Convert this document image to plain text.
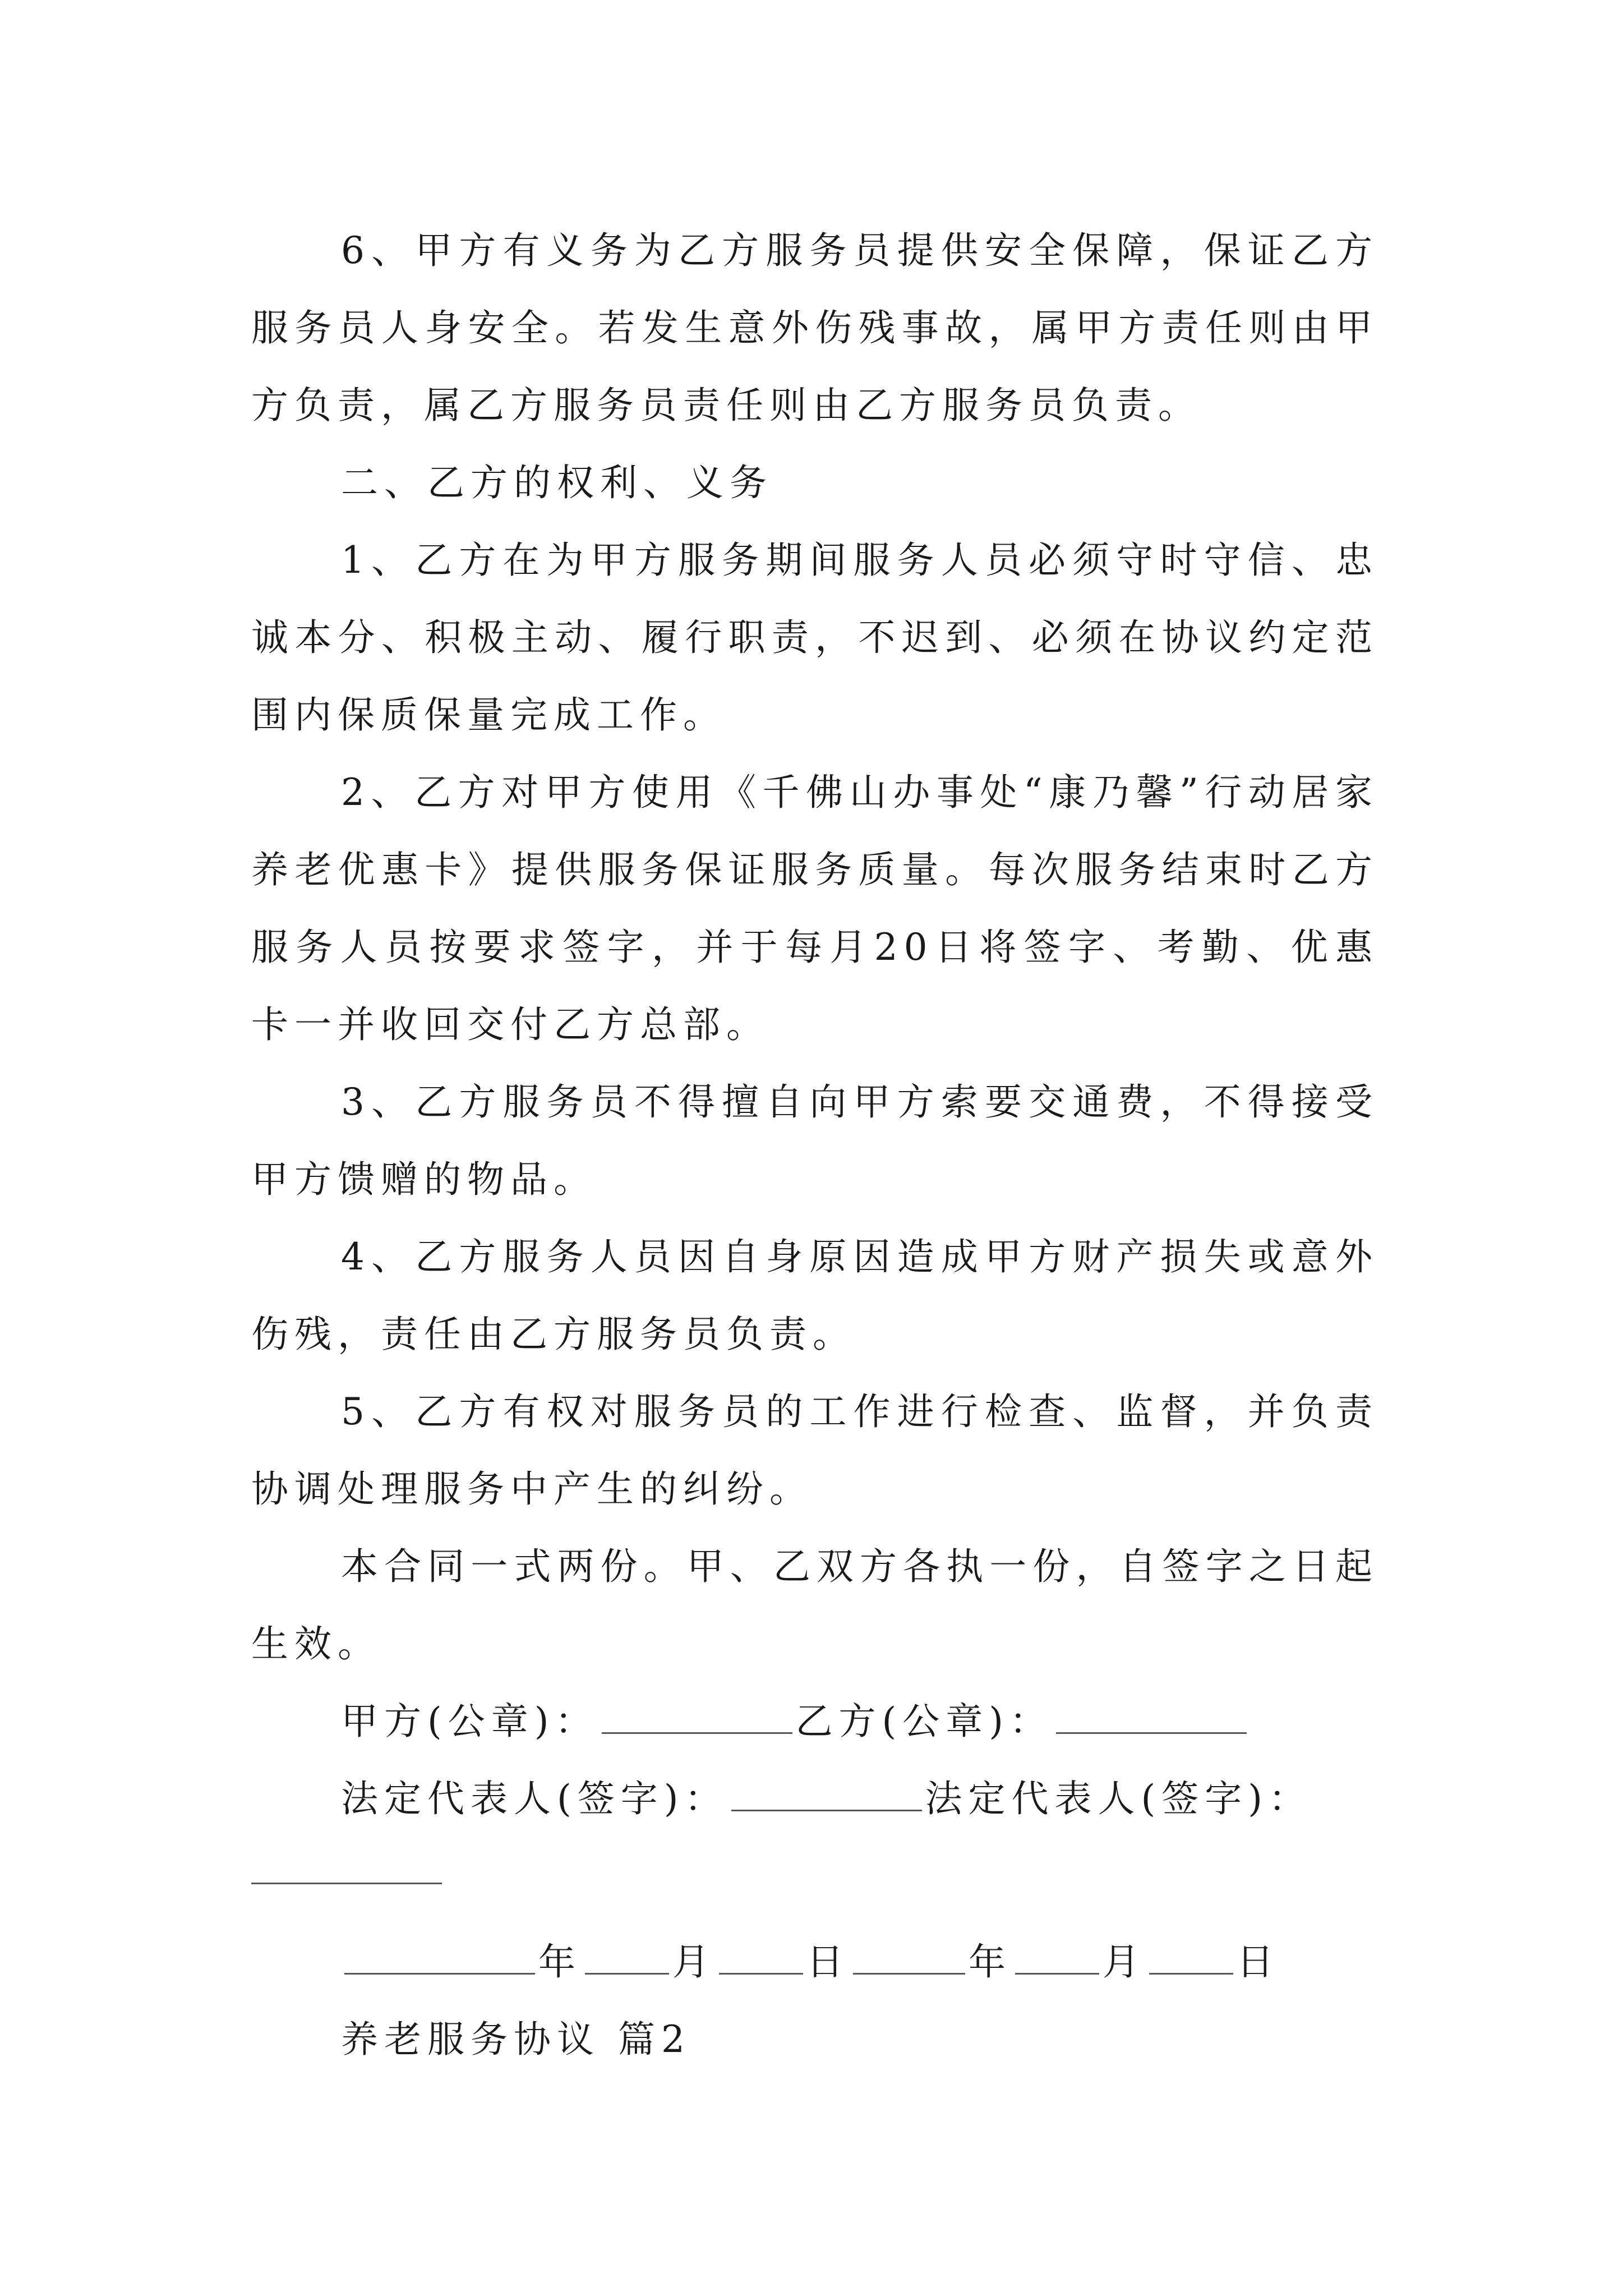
6、甲方有义务为乙方服务员提供安全保障，保证乙方服务员人身安全。若发生意外伤残事故，属甲方责任则由甲方负责，属乙方服务员责任则由乙方服务员负责。

二、乙方的权利、义务

1、乙方在为甲方服务期间服务人员必须守时守信、忠诚本分、积极主动、履行职责，不迟到、必须在协议约定范围内保质保量完成工作。

2、乙方对甲方使用《千佛山办事处“康乃馨”行动居家养老优惠卡》提供服务保证服务质量。每次服务结束时乙方服务人员按要求签字，并于每月20日将签字、考勤、优惠卡一并收回交付乙方总部。

3、乙方服务员不得擅自向甲方索要交通费，不得接受甲方馈赠的物品。

4、乙方服务人员因自身原因造成甲方财产损失或意外伤残，责任由乙方服务员负责。

5、乙方有权对服务员的工作进行检查、监督，并负责协调处理服务中产生的纠纷。

本合同一式两份。甲、乙双方各执一份，自签字之日起生效。

甲方(公章)：	乙方(公章)：

法定代表人(签字)：	法定代表人(签字)：

年 月 日	年 月 日

养老服务协议 篇2
